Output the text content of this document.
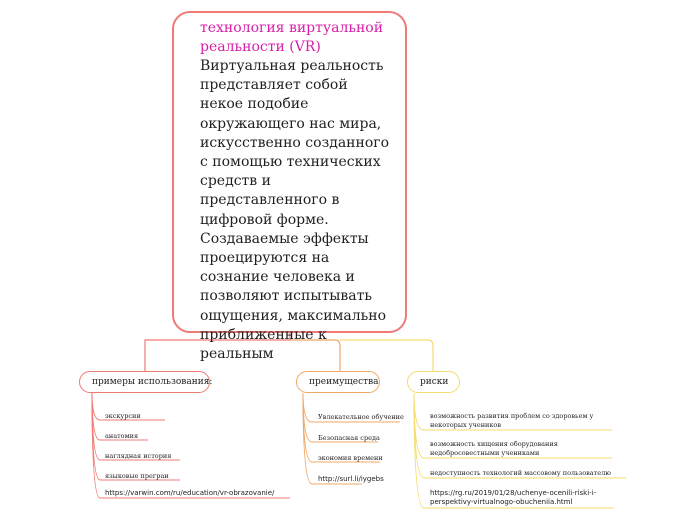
технология виртуальной реальности (VR)
Виртуальная реальность представляет собой некое подобие окружающего нас мира, искусственно созданного с помощью технических средств и представленного в цифровой форме. Создаваемые эффекты проецируются на сознание человека и позволяют испытывать ощущения, максимально приближенные к реальным
примеры использования:	преимущества	риски
экскурсии
анатомия
наглядная история
языковые преграи
https://varwin.com/ru/education/vr-obrazovanie/
Увлекательное обучение
Безопасная среда
экономия времени
http://surl.li/iygebs
возможность развития проблем со здоровьем у некоторых учеников
возможность хищения оборудования недобросовестными учениками
недоступность технологий массовому пользователю
https://rg.ru/2019/01/28/uchenye-ocenili-riski-i-perspektivy-virtualnogo-obucheniia.html
